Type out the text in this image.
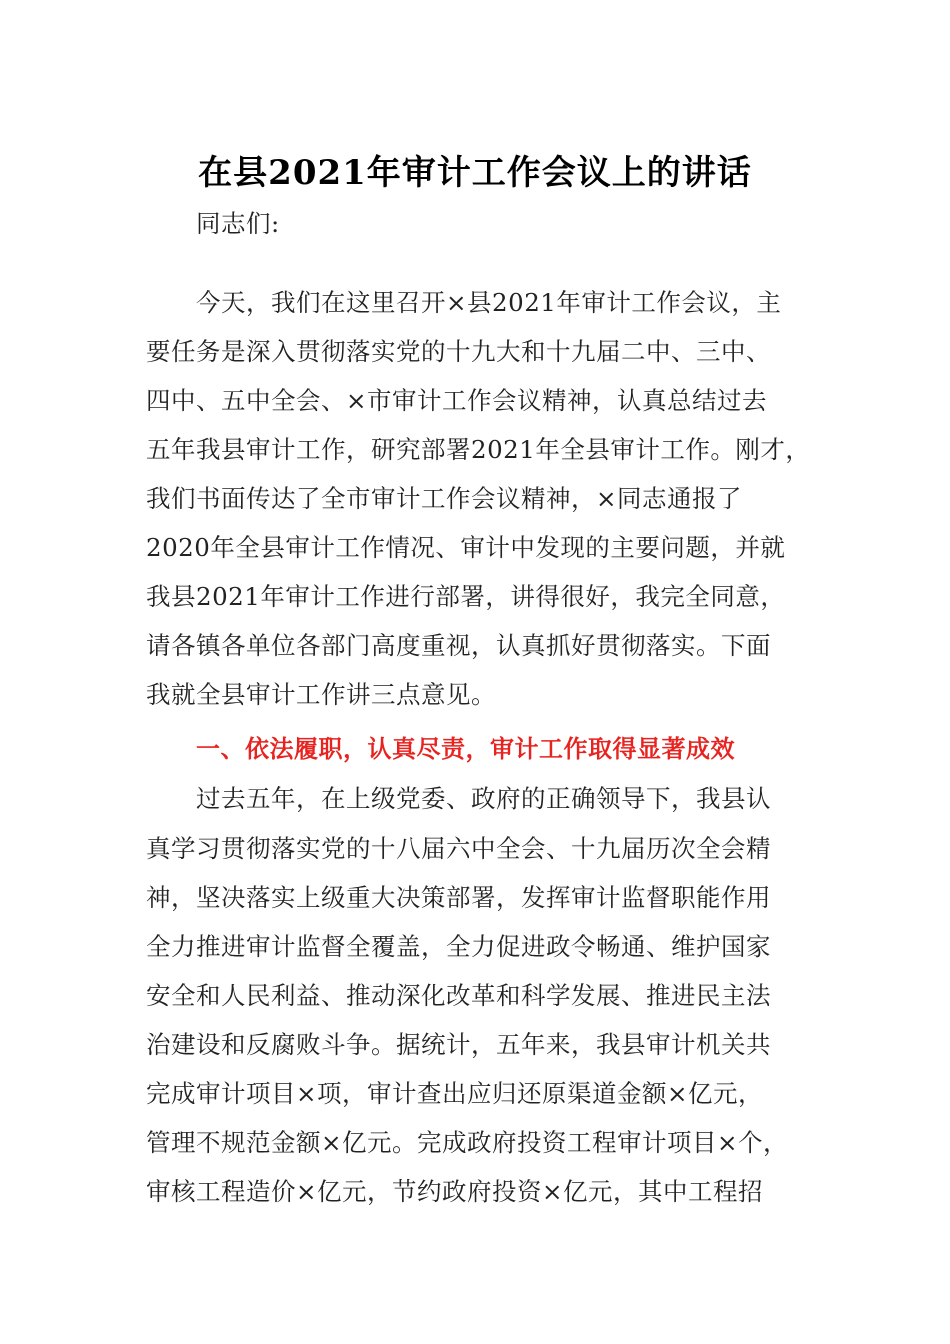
在县2021年审计工作会议上的讲话
同志们:
今天，我们在这里召开×县2021年审计工作会议，主
要任务是深入贯彻落实党的十九大和十九届二中、三中、
四中、五中全会、×市审计工作会议精神，认真总结过去
五年我县审计工作，研究部署2021年全县审计工作。刚才，
我们书面传达了全市审计工作会议精神，×同志通报了
2020年全县审计工作情况、审计中发现的主要问题，并就
我县2021年审计工作进行部署，讲得很好，我完全同意，
请各镇各单位各部门高度重视，认真抓好贯彻落实。下面
我就全县审计工作讲三点意见。
一、依法履职，认真尽责，审计工作取得显著成效
过去五年，在上级党委、政府的正确领导下，我县认
真学习贯彻落实党的十八届六中全会、十九届历次全会精
神，坚决落实上级重大决策部署，发挥审计监督职能作用
全力推进审计监督全覆盖，全力促进政令畅通、维护国家
安全和人民利益、推动深化改革和科学发展、推进民主法
治建设和反腐败斗争。据统计，五年来，我县审计机关共
完成审计项目×项，审计查出应归还原渠道金额×亿元，
管理不规范金额×亿元。完成政府投资工程审计项目×个，
审核工程造价×亿元，节约政府投资×亿元，其中工程招
